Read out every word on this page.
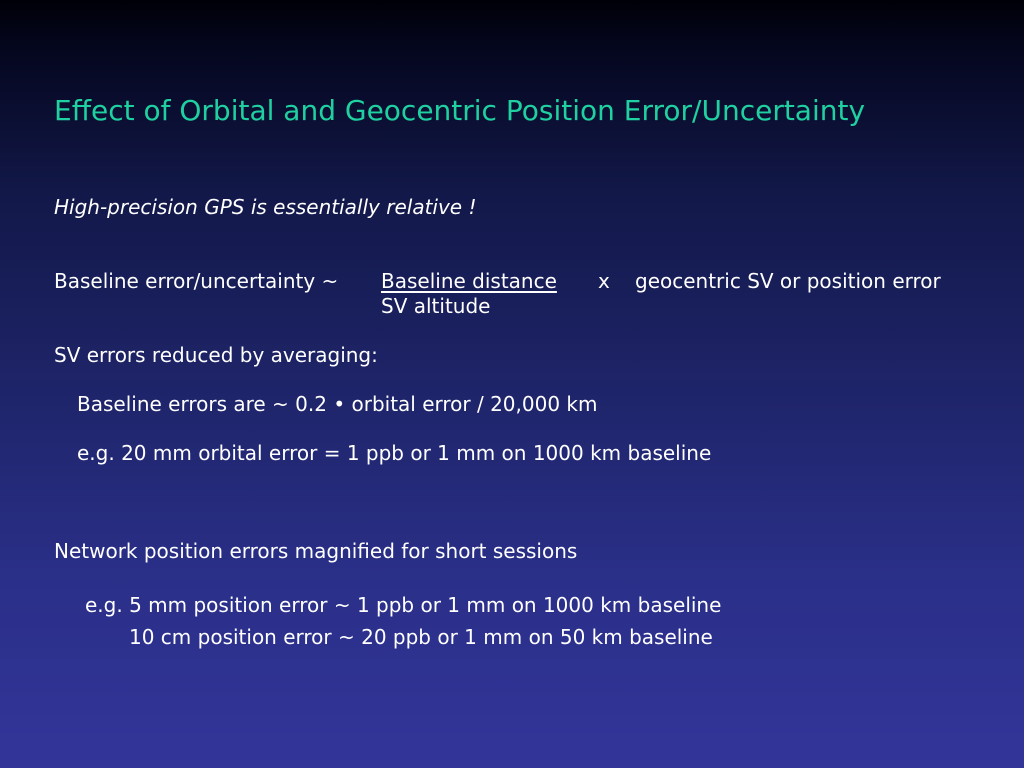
Effect of Orbital and Geocentric Position Error/Uncertainty
High-precision GPS is essentially relative !
Baseline error/uncertainty ~ Baseline distance x geocentric SV or position error
SV altitude
SV errors reduced by averaging:
Baseline errors are ~ 0.2 • orbital error / 20,000 km
e.g. 20 mm orbital error = 1 ppb or 1 mm on 1000 km baseline
Network position errors magnified for short sessions
e.g. 5 mm position error ~ 1 ppb or 1 mm on 1000 km baseline
10 cm position error ~ 20 ppb or 1 mm on 50 km baseline
